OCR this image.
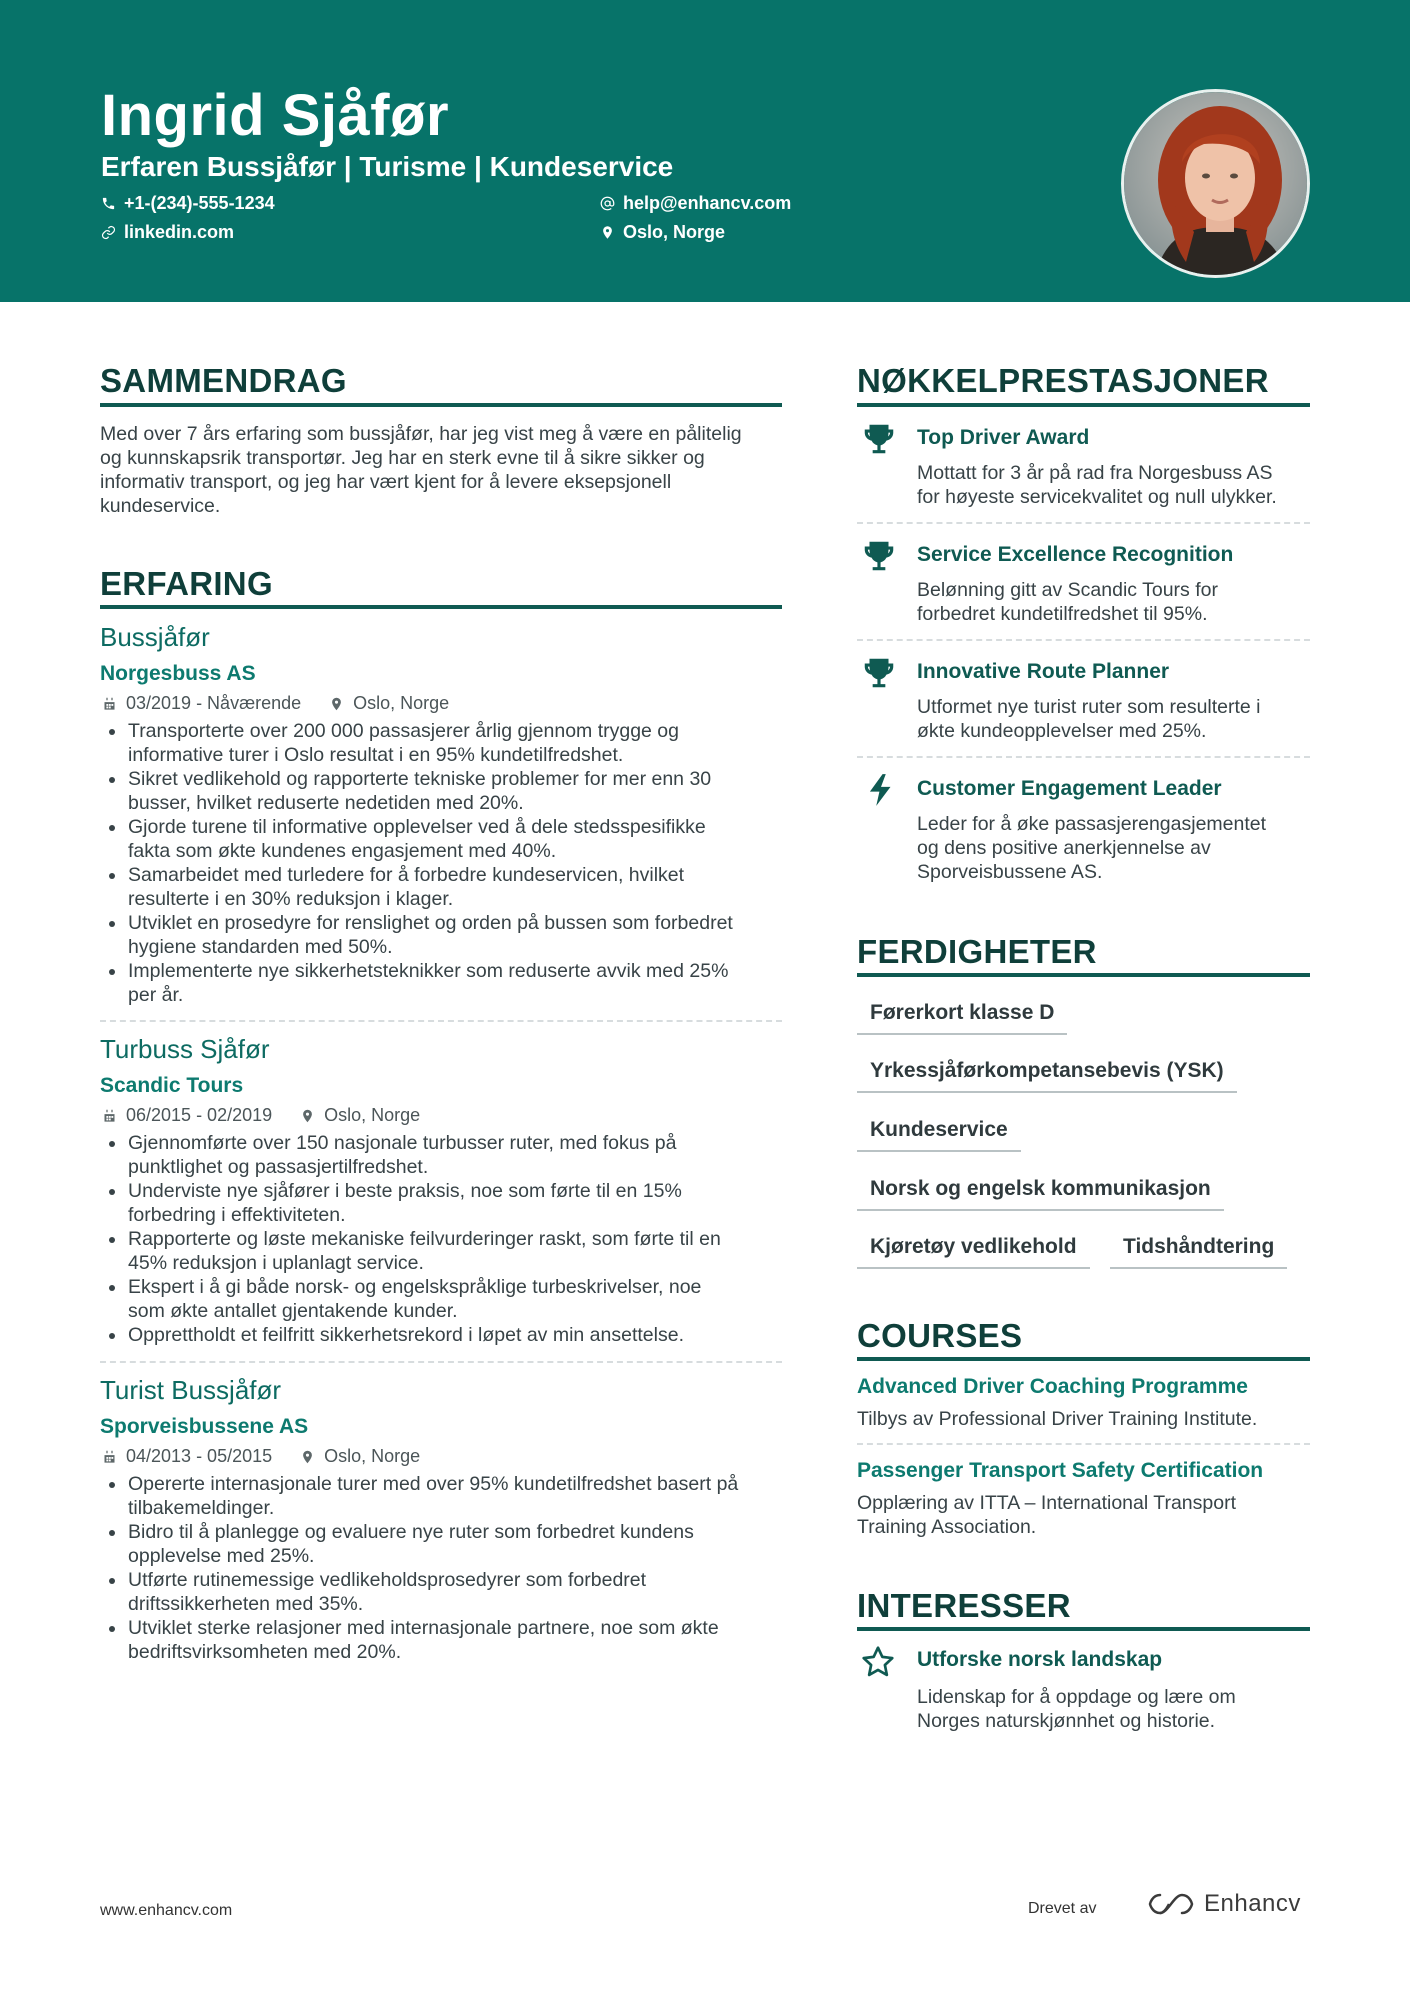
Ingrid Sjåfør
Erfaren Bussjåfør | Turisme | Kundeservice
+1-(234)-555-1234	help@enhancv.com
linkedin.com	Oslo, Norge
SAMMENDRAG
Med over 7 års erfaring som bussjåfør, har jeg vist meg å være en pålitelig
og kunnskapsrik transportør. Jeg har en sterk evne til å sikre sikker og
informativ transport, og jeg har vært kjent for å levere eksepsjonell
kundeservice.
ERFARING
Bussjåfør
Norgesbuss AS
03/2019 - Nåværende	Oslo, Norge
Transporterte over 200 000 passasjerer årlig gjennom trygge og
informative turer i Oslo resultat i en 95% kundetilfredshet.
Sikret vedlikehold og rapporterte tekniske problemer for mer enn 30
busser, hvilket reduserte nedetiden med 20%.
Gjorde turene til informative opplevelser ved å dele stedsspesifikke
fakta som økte kundenes engasjement med 40%.
Samarbeidet med turledere for å forbedre kundeservicen, hvilket
resulterte i en 30% reduksjon i klager.
Utviklet en prosedyre for renslighet og orden på bussen som forbedret
hygiene standarden med 50%.
Implementerte nye sikkerhetsteknikker som reduserte avvik med 25%
per år.
Turbuss Sjåfør
Scandic Tours
06/2015 - 02/2019	Oslo, Norge
Gjennomførte over 150 nasjonale turbusser ruter, med fokus på
punktlighet og passasjertilfredshet.
Underviste nye sjåfører i beste praksis, noe som førte til en 15%
forbedring i effektiviteten.
Rapporterte og løste mekaniske feilvurderinger raskt, som førte til en
45% reduksjon i uplanlagt service.
Ekspert i å gi både norsk- og engelskspråklige turbeskrivelser, noe
som økte antallet gjentakende kunder.
Opprettholdt et feilfritt sikkerhetsrekord i løpet av min ansettelse.
Turist Bussjåfør
Sporveisbussene AS
04/2013 - 05/2015	Oslo, Norge
Opererte internasjonale turer med over 95% kundetilfredshet basert på
tilbakemeldinger.
Bidro til å planlegge og evaluere nye ruter som forbedret kundens
opplevelse med 25%.
Utførte rutinemessige vedlikeholdsprosedyrer som forbedret
driftssikkerheten med 35%.
Utviklet sterke relasjoner med internasjonale partnere, noe som økte
bedriftsvirksomheten med 20%.
NØKKELPRESTASJONER
Top Driver Award
Mottatt for 3 år på rad fra Norgesbuss AS
for høyeste servicekvalitet og null ulykker.
Service Excellence Recognition
Belønning gitt av Scandic Tours for
forbedret kundetilfredshet til 95%.
Innovative Route Planner
Utformet nye turist ruter som resulterte i
økte kundeopplevelser med 25%.
Customer Engagement Leader
Leder for å øke passasjerengasjementet
og dens positive anerkjennelse av
Sporveisbussene AS.
FERDIGHETER
Førerkort klasse D
Yrkessjåførkompetansebevis (YSK)
Kundeservice
Norsk og engelsk kommunikasjon
Kjøretøy vedlikehold	Tidshåndtering
COURSES
Advanced Driver Coaching Programme
Tilbys av Professional Driver Training Institute.
Passenger Transport Safety Certification
Opplæring av ITTA – International Transport
Training Association.
INTERESSER
Utforske norsk landskap
Lidenskap for å oppdage og lære om
Norges naturskjønnhet og historie.
www.enhancv.com	Drevet av	Enhancv
